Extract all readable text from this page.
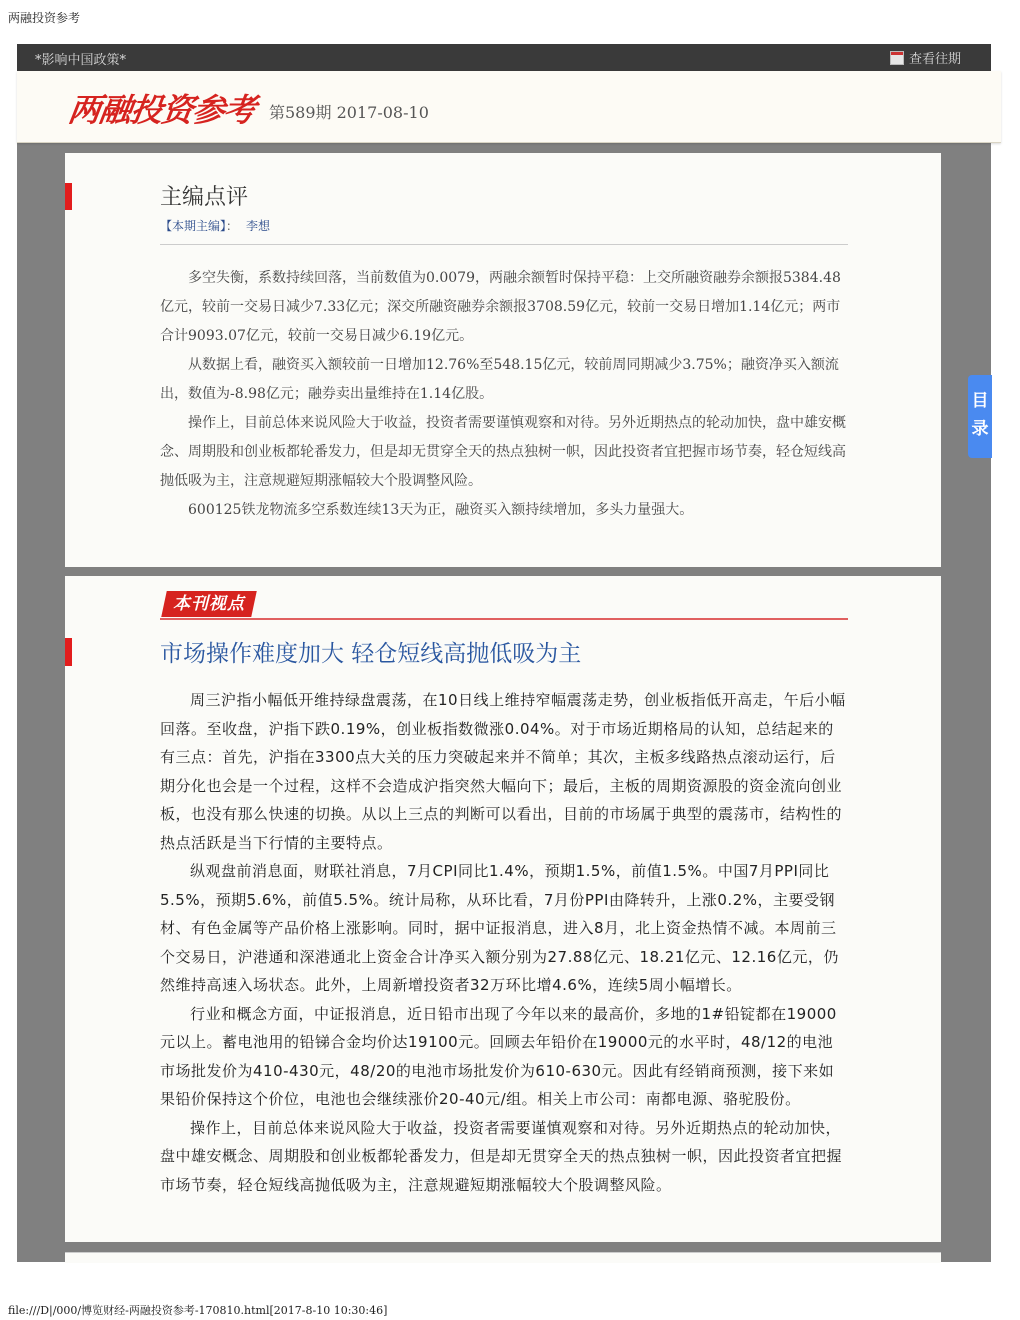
两融投资参考
*影响中国政策*	查看往期
两融投资参考 第589期 2017-08-10
主编点评
【本期主编】： 李想

多空失衡，系数持续回落，当前数值为0.0079，两融余额暂时保持平稳：上交所融资融券余额报5384.48亿元，较前一交易日减少7.33亿元；深交所融资融券余额报3708.59亿元，较前一交易日增加1.14亿元；两市合计9093.07亿元，较前一交易日减少6.19亿元。

从数据上看，融资买入额较前一日增加12.76%至548.15亿元，较前周同期减少3.75%；融资净买入额流出，数值为-8.98亿元；融券卖出量维持在1.14亿股。

操作上，目前总体来说风险大于收益，投资者需要谨慎观察和对待。另外近期热点的轮动加快，盘中雄安概念、周期股和创业板都轮番发力，但是却无贯穿全天的热点独树一帜，因此投资者宜把握市场节奏，轻仓短线高抛低吸为主，注意规避短期涨幅较大个股调整风险。

600125铁龙物流多空系数连续13天为正，融资买入额持续增加，多头力量强大。

本刊视点
市场操作难度加大 轻仓短线高抛低吸为主

周三沪指小幅低开维持绿盘震荡，在10日线上维持窄幅震荡走势，创业板指低开高走，午后小幅回落。至收盘，沪指下跌0.19%，创业板指数微涨0.04%。对于市场近期格局的认知，总结起来的有三点：首先，沪指在3300点大关的压力突破起来并不简单；其次，主板多线路热点滚动运行，后期分化也会是一个过程，这样不会造成沪指突然大幅向下；最后，主板的周期资源股的资金流向创业板，也没有那么快速的切换。从以上三点的判断可以看出，目前的市场属于典型的震荡市，结构性的热点活跃是当下行情的主要特点。

纵观盘前消息面，财联社消息，7月CPI同比1.4%，预期1.5%，前值1.5%。中国7月PPI同比5.5%，预期5.6%，前值5.5%。统计局称，从环比看，7月份PPI由降转升，上涨0.2%，主要受钢材、有色金属等产品价格上涨影响。同时，据中证报消息，进入8月，北上资金热情不减。本周前三个交易日，沪港通和深港通北上资金合计净买入额分别为27.88亿元、18.21亿元、12.16亿元，仍然维持高速入场状态。此外，上周新增投资者32万环比增4.6%，连续5周小幅增长。

行业和概念方面，中证报消息，近日铅市出现了今年以来的最高价，多地的1#铅锭都在19000元以上。蓄电池用的铅锑合金均价达19100元。回顾去年铅价在19000元的水平时，48/12的电池市场批发价为410-430元，48/20的电池市场批发价为610-630元。因此有经销商预测，接下来如果铅价保持这个价位，电池也会继续涨价20-40元/组。相关上市公司：南都电源、骆驼股份。

操作上，目前总体来说风险大于收益，投资者需要谨慎观察和对待。另外近期热点的轮动加快，盘中雄安概念、周期股和创业板都轮番发力，但是却无贯穿全天的热点独树一帜，因此投资者宜把握市场节奏，轻仓短线高抛低吸为主，注意规避短期涨幅较大个股调整风险。

目
录
file:///D|/000/博览财经-两融投资参考-170810.html[2017-8-10 10:30:46]
